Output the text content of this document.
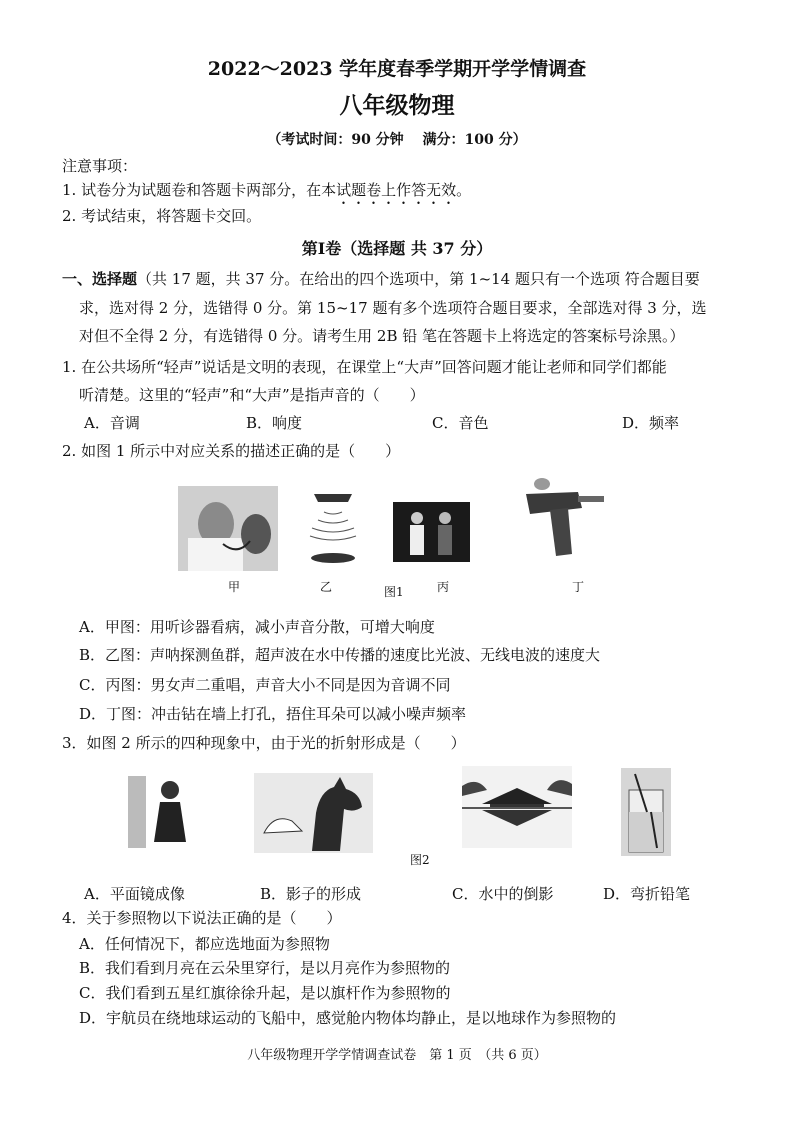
2022～2023 学年度春季学期开学学情调查
八年级物理
（考试时间：90 分钟　 满分：100 分）
注意事项：
1. 试卷分为试题卷和答题卡两部分，在本试题卷上作答无效。
2. 考试结束，将答题卡交回。
第Ⅰ卷（选择题 共 37 分）
一、选择题（共 17 题，共 37 分。在给出的四个选项中，第 1~14 题只有一个选项 符合题目要
求，选对得 2 分，选错得 0 分。第 15~17 题有多个选项符合题目要求，全部选对得 3 分，选
对但不全得 2 分，有选错得 0 分。请考生用 2B 铅 笔在答题卡上将选定的答案标号涂黑。）
1. 在公共场所“轻声”说话是文明的表现，在课堂上“大声”回答问题才能让老师和同学们都能
听清楚。这里的“轻声”和“大声”是指声音的（　　）
A．音调	B．响度	C．音色	D．频率
2. 如图 1 所示中对应关系的描述正确的是（　　）
甲	乙	丙	丁
图1
A．甲图：用听诊器看病，减小声音分散，可增大响度
B．乙图：声呐探测鱼群，超声波在水中传播的速度比光波、无线电波的速度大
C．丙图：男女声二重唱，声音大小不同是因为音调不同
D．丁图：冲击钻在墙上打孔，捂住耳朵可以减小噪声频率
3．如图 2 所示的四种现象中，由于光的折射形成是（　　）
图2
A．平面镜成像	B．影子的形成	C．水中的倒影	D．弯折铅笔
4．关于参照物以下说法正确的是（　　）
A．任何情况下，都应选地面为参照物
B．我们看到月亮在云朵里穿行，是以月亮作为参照物的
C．我们看到五星红旗徐徐升起，是以旗杆作为参照物的
D．宇航员在绕地球运动的飞船中，感觉舱内物体均静止，是以地球作为参照物的
八年级物理开学学情调查试卷　第 1 页　（共 6 页）
